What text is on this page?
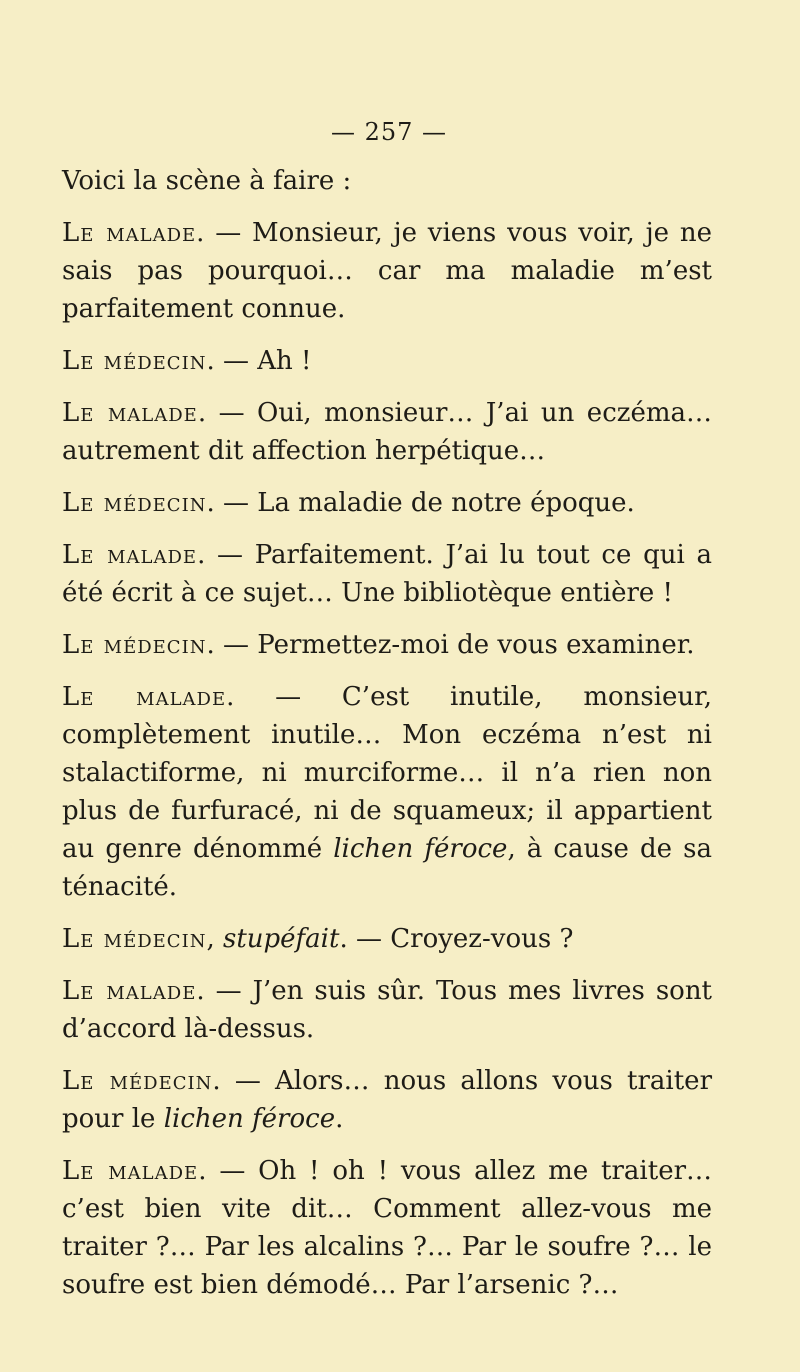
— 257 —

Voici la scène à faire :

Le malade. — Monsieur, je viens vous voir, je ne sais pas pourquoi… car ma maladie m’est parfaitement connue.

Le médecin. — Ah !

Le malade. — Oui, monsieur… J’ai un eczéma… autrement dit affection herpétique…

Le médecin. — La maladie de notre époque.

Le malade. — Parfaitement. J’ai lu tout ce qui a été écrit à ce sujet… Une bibliotèque entière !

Le médecin. — Permettez-moi de vous examiner.

Le malade. — C’est inutile, monsieur, complètement inutile… Mon eczéma n’est ni stalactiforme, ni murciforme… il n’a rien non plus de furfuracé, ni de squameux; il appartient au genre dénommé lichen féroce, à cause de sa ténacité.

Le médecin, stupéfait. — Croyez-vous ?

Le malade. — J’en suis sûr. Tous mes livres sont d’accord là-dessus.

Le médecin. — Alors… nous allons vous traiter pour le lichen féroce.

Le malade. — Oh ! oh ! vous allez me traiter… c’est bien vite dit… Comment allez-vous me traiter ?… Par les alcalins ?… Par le soufre ?… le soufre est bien démodé… Par l’arsenic ?…
